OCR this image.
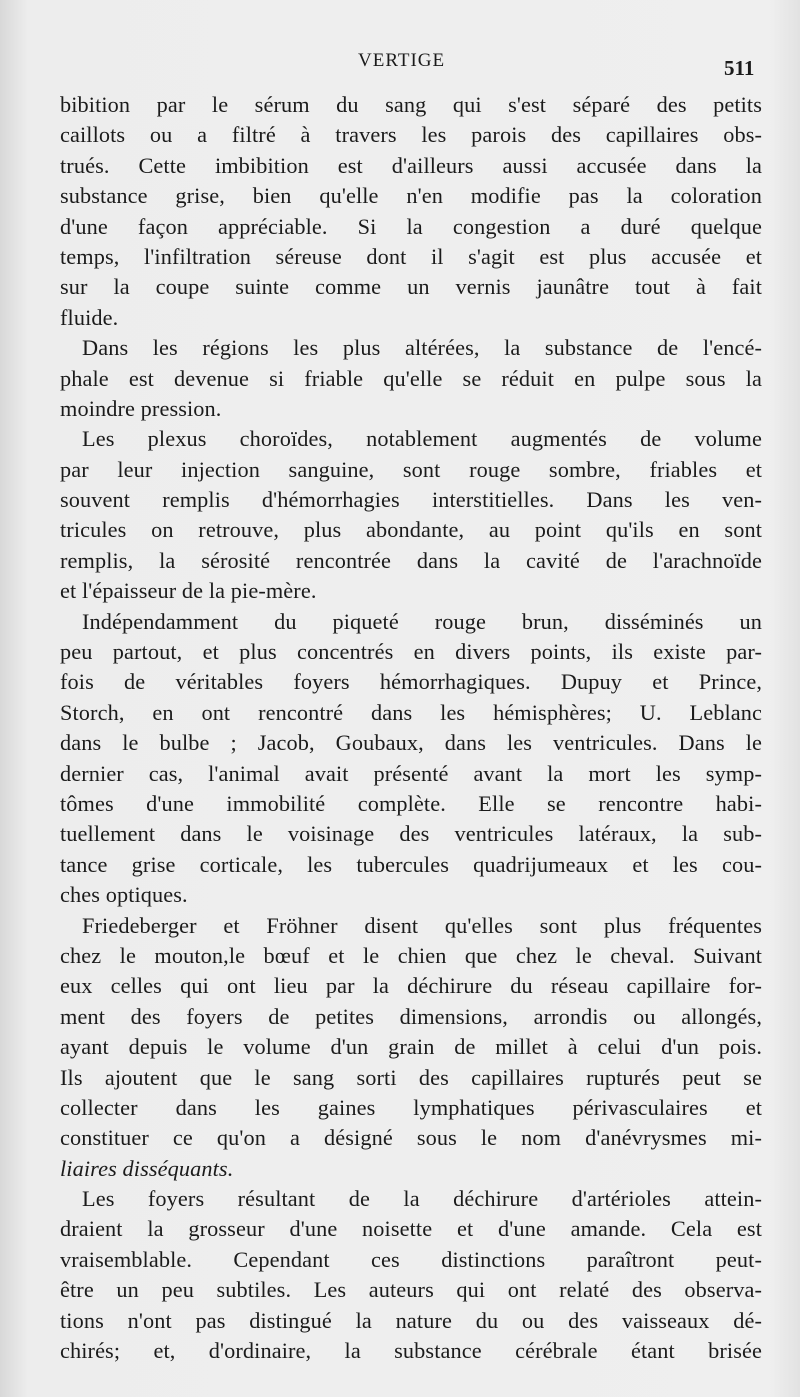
VERTIGE	511
bibition par le sérum du sang qui s'est séparé des petits
caillots ou a filtré à travers les parois des capillaires obs-
trués. Cette imbibition est d'ailleurs aussi accusée dans la
substance grise, bien qu'elle n'en modifie pas la coloration
d'une façon appréciable. Si la congestion a duré quelque
temps, l'infiltration séreuse dont il s'agit est plus accusée et
sur la coupe suinte comme un vernis jaunâtre tout à fait
fluide.
Dans les régions les plus altérées, la substance de l'encé-
phale est devenue si friable qu'elle se réduit en pulpe sous la
moindre pression.
Les plexus choroïdes, notablement augmentés de volume
par leur injection sanguine, sont rouge sombre, friables et
souvent remplis d'hémorrhagies interstitielles. Dans les ven-
tricules on retrouve, plus abondante, au point qu'ils en sont
remplis, la sérosité rencontrée dans la cavité de l'arachnoïde
et l'épaisseur de la pie-mère.
Indépendamment du piqueté rouge brun, disséminés un
peu partout, et plus concentrés en divers points, ils existe par-
fois de véritables foyers hémorrhagiques. Dupuy et Prince,
Storch, en ont rencontré dans les hémisphères; U. Leblanc
dans le bulbe ; Jacob, Goubaux, dans les ventricules. Dans le
dernier cas, l'animal avait présenté avant la mort les symp-
tômes d'une immobilité complète. Elle se rencontre habi-
tuellement dans le voisinage des ventricules latéraux, la sub-
tance grise corticale, les tubercules quadrijumeaux et les cou-
ches optiques.
Friedeberger et Fröhner disent qu'elles sont plus fréquentes
chez le mouton,le bœuf et le chien que chez le cheval. Suivant
eux celles qui ont lieu par la déchirure du réseau capillaire for-
ment des foyers de petites dimensions, arrondis ou allongés,
ayant depuis le volume d'un grain de millet à celui d'un pois.
Ils ajoutent que le sang sorti des capillaires rupturés peut se
collecter dans les gaines lymphatiques périvasculaires et
constituer ce qu'on a désigné sous le nom d'anévrysmes mi-
liaires disséquants.
Les foyers résultant de la déchirure d'artérioles attein-
draient la grosseur d'une noisette et d'une amande. Cela est
vraisemblable. Cependant ces distinctions paraîtront peut-
être un peu subtiles. Les auteurs qui ont relaté des observa-
tions n'ont pas distingué la nature du ou des vaisseaux dé-
chirés; et, d'ordinaire, la substance cérébrale étant brisée
